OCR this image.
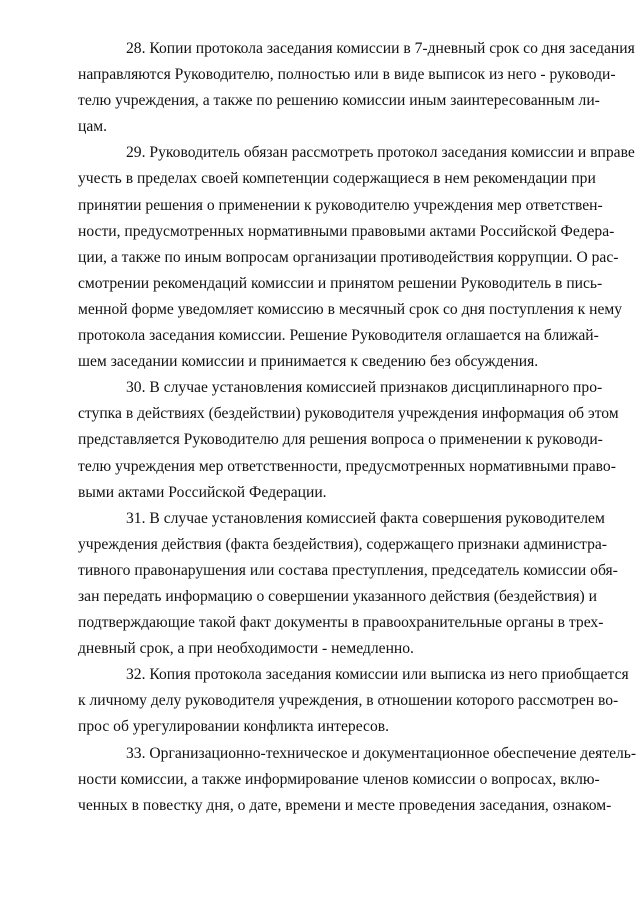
28. Копии протокола заседания комиссии в 7-дневный срок со дня заседания
направляются Руководителю, полностью или в виде выписок из него - руководи-
телю учреждения, а также по решению комиссии иным заинтересованным ли-
цам.

29. Руководитель обязан рассмотреть протокол заседания комиссии и вправе
учесть в пределах своей компетенции содержащиеся в нем рекомендации при
принятии решения о применении к руководителю учреждения мер ответствен-
ности, предусмотренных нормативными правовыми актами Российской Федера-
ции, а также по иным вопросам организации противодействия коррупции. О рас-
смотрении рекомендаций комиссии и принятом решении Руководитель в пись-
менной форме уведомляет комиссию в месячный срок со дня поступления к нему
протокола заседания комиссии. Решение Руководителя оглашается на ближай-
шем заседании комиссии и принимается к сведению без обсуждения.

30. В случае установления комиссией признаков дисциплинарного про-
ступка в действиях (бездействии) руководителя учреждения информация об этом
представляется Руководителю для решения вопроса о применении к руководи-
телю учреждения мер ответственности, предусмотренных нормативными право-
выми актами Российской Федерации.

31. В случае установления комиссией факта совершения руководителем
учреждения действия (факта бездействия), содержащего признаки администра-
тивного правонарушения или состава преступления, председатель комиссии обя-
зан передать информацию о совершении указанного действия (бездействия) и
подтверждающие такой факт документы в правоохранительные органы в трех-
дневный срок, а при необходимости - немедленно.

32. Копия протокола заседания комиссии или выписка из него приобщается
к личному делу руководителя учреждения, в отношении которого рассмотрен во-
прос об урегулировании конфликта интересов.

33. Организационно-техническое и документационное обеспечение деятель-
ности комиссии, а также информирование членов комиссии о вопросах, вклю-
ченных в повестку дня, о дате, времени и месте проведения заседания, ознаком-
